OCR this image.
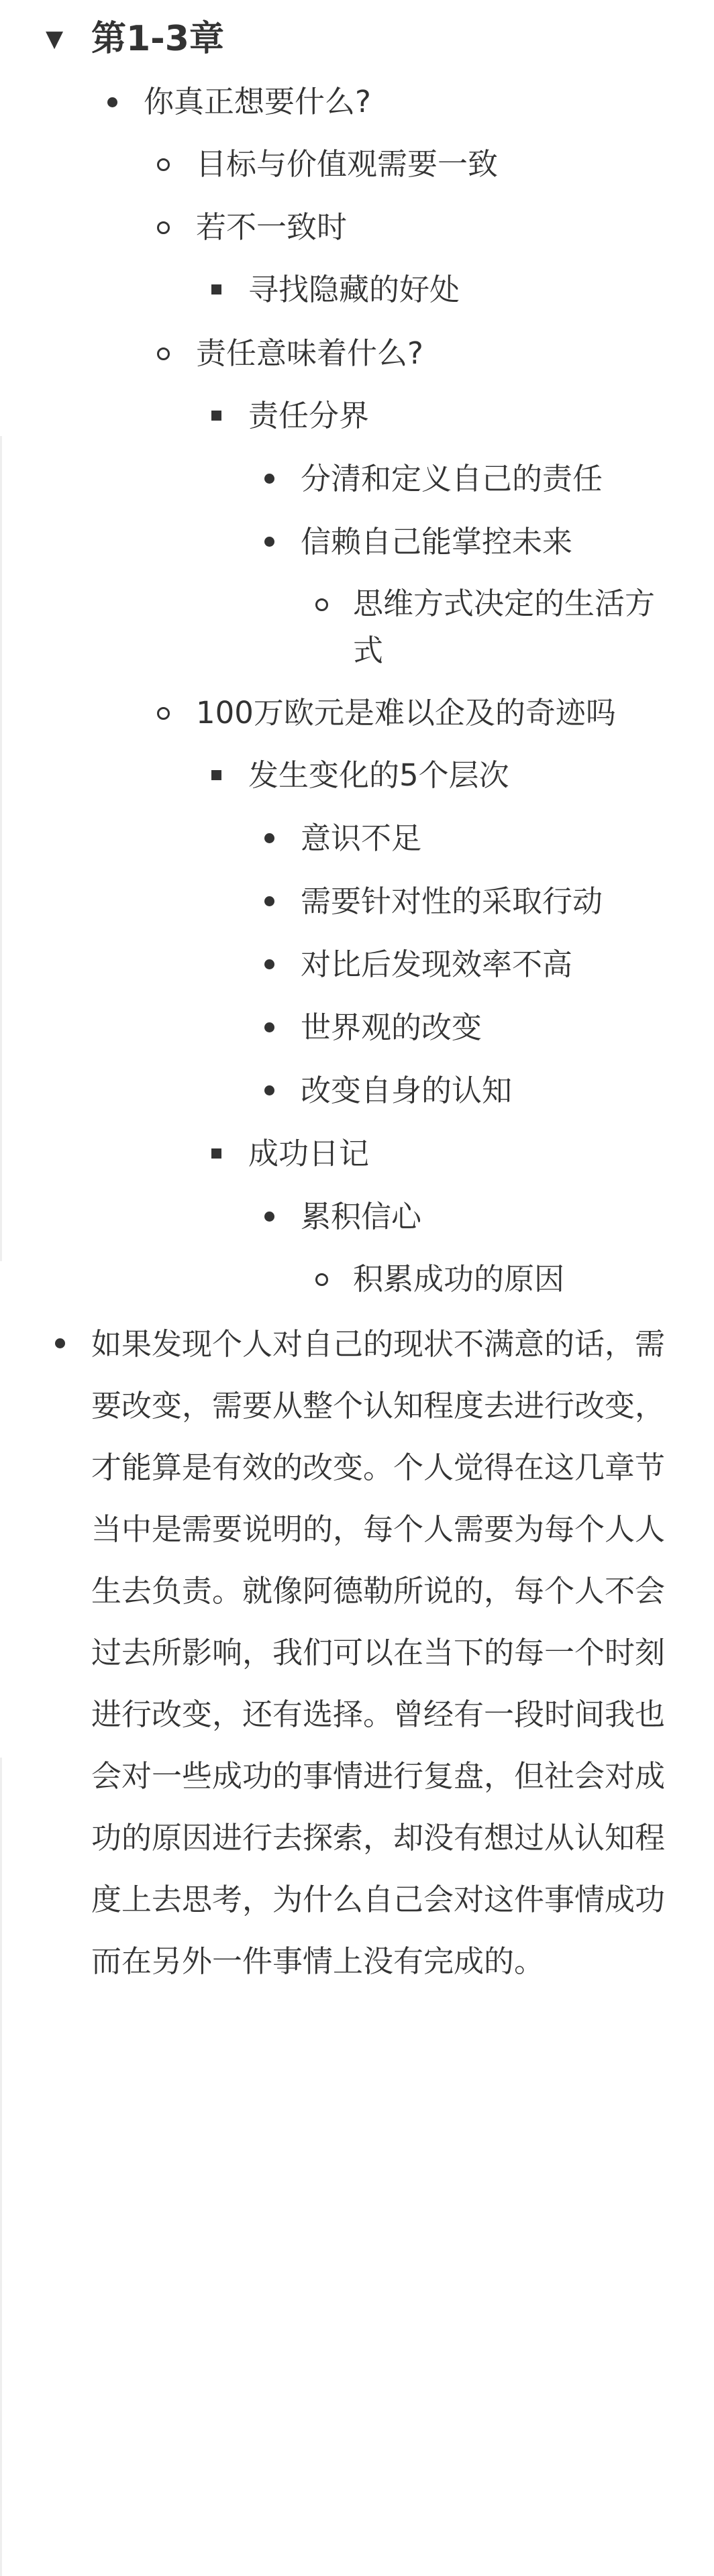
▼ 第1-3章
你真正想要什么?
目标与价值观需要一致
若不一致时
寻找隐藏的好处
责任意味着什么?
责任分界
分清和定义自己的责任
信赖自己能掌控未来
思维方式决定的生活方
式
100万欧元是难以企及的奇迹吗
发生变化的5个层次
意识不足
需要针对性的采取行动
对比后发现效率不高
世界观的改变
改变自身的认知
成功日记
累积信心
积累成功的原因
如果发现个人对自己的现状不满意的话，需要改变，需要从整个认知程度去进行改变，才能算是有效的改变。个人觉得在这几章节当中是需要说明的，每个人需要为每个人人生去负责。就像阿德勒所说的，每个人不会过去所影响，我们可以在当下的每一个时刻进行改变，还有选择。曾经有一段时间我也会对一些成功的事情进行复盘，但社会对成功的原因进行去探索，却没有想过从认知程度上去思考，为什么自己会对这件事情成功而在另外一件事情上没有完成的。
